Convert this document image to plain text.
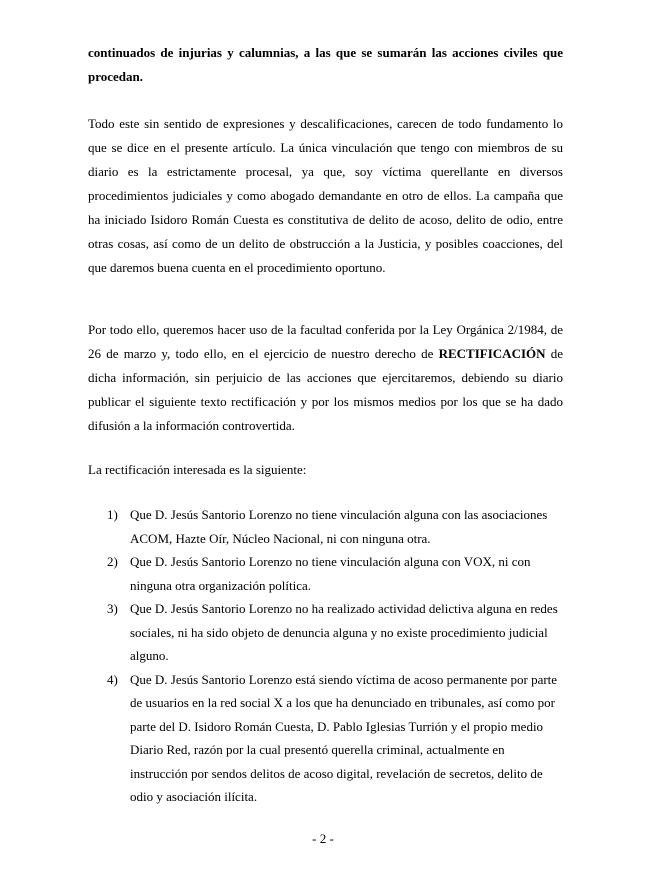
continuados de injurias y calumnias, a las que se sumarán las acciones civiles que procedan.

Todo este sin sentido de expresiones y descalificaciones, carecen de todo fundamento lo que se dice en el presente artículo. La única vinculación que tengo con miembros de su diario es la estrictamente procesal, ya que, soy víctima querellante en diversos procedimientos judiciales y como abogado demandante en otro de ellos. La campaña que ha iniciado Isidoro Román Cuesta es constitutiva de delito de acoso, delito de odio, entre otras cosas, así como de un delito de obstrucción a la Justicia, y posibles coacciones, del que daremos buena cuenta en el procedimiento oportuno.

Por todo ello, queremos hacer uso de la facultad conferida por la Ley Orgánica 2/1984, de 26 de marzo y, todo ello, en el ejercicio de nuestro derecho de RECTIFICACIÓN de dicha información, sin perjuicio de las acciones que ejercitaremos, debiendo su diario publicar el siguiente texto rectificación y por los mismos medios por los que se ha dado difusión a la información controvertida.

La rectificación interesada es la siguiente:

1) Que D. Jesús Santorio Lorenzo no tiene vinculación alguna con las asociaciones ACOM, Hazte Oír, Núcleo Nacional, ni con ninguna otra.
2) Que D. Jesús Santorio Lorenzo no tiene vinculación alguna con VOX, ni con ninguna otra organización política.
3) Que D. Jesús Santorio Lorenzo no ha realizado actividad delictiva alguna en redes sociales, ni ha sido objeto de denuncia alguna y no existe procedimiento judicial alguno.
4) Que D. Jesús Santorio Lorenzo está siendo víctima de acoso permanente por parte de usuarios en la red social X a los que ha denunciado en tribunales, así como por parte del D. Isidoro Román Cuesta, D. Pablo Iglesias Turrión y el propio medio Diario Red, razón por la cual presentó querella criminal, actualmente en instrucción por sendos delitos de acoso digital, revelación de secretos, delito de odio y asociación ilícita.
- 2 -
